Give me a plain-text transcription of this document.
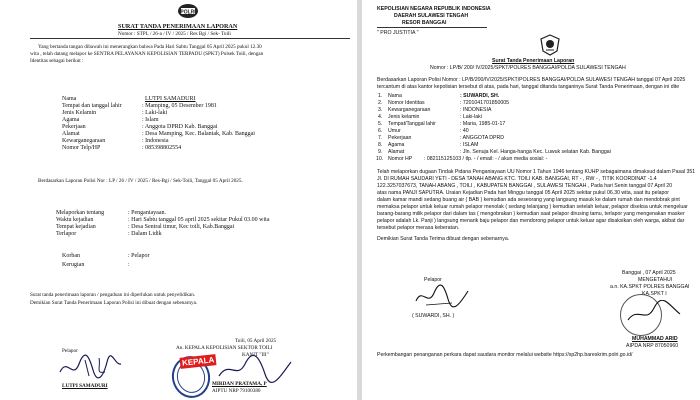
POLRI
SURAT TANDA PENERIMAAN LAPORAN
Nomor : STPL / 26-a / IV / 2025 / Res Bgi / Sek- Toili
Yang bertanda tangan dibawah ini menerangkan bahwa Pada Hari Sabtu Tanggal 05 April 2025 pukul 12.30
wita , telah datang melapor ke SENTRA PELAYANAN KEPOLISIAN TERPADU (SPKT) Polsek Toili, dengan
Identitas sebagai berikut :
Nama	LUTPI SAMADURI
Tempat dan tanggal lahir	: Mamping, 05 Desember 1981
Jenis Kelamin	: Laki-laki
Agama	: Islam
Pekerjaan	: Anggota DPRD Kab. Banggai
Alamat	: Desa Mamping, Kec. Balantak, Kab. Banggai
Kewarganegaraan	: Indonesia
Nomor Telp/HP	: 085398802554
Berdasarkan Laporan Polisi Nor : LP / 26 / IV / 2025 / Res-Bgi / Sek-Toili, Tanggal 05 April 2025.
Melaporkan tentang	: Penganiayaan.
Waktu kejadian	: Hari Sabtu tanggal 05 april 2025 sekitar Pukul 03.00 wita
Tempat kejadian	: Desa Sentral timur, Kec toili, Kab.Banggai
Terlapor	: Dalam Lidik
Korban	: Pelapor
Kerugian	:
Surat tanda penerimaan laporan / pengaduan ini diperlukan untuk penyelidikan.
Demikian Surat Tanda Penerimaan Laporan Polisi ini dibuat dengan sebenarnya.
Toili, 05 April 2025
An. KEPALA KEPOLISIAN SEKTOR TOILI
KANIT "III"
Pelapor
LUTPI SAMADURI
KEPALA
MIRDAN PRATAMA, P
AIPTU NRP 79100380
KEPOLISIAN NEGARA REPUBLIK INDONESIA
DAERAH SULAWESI TENGAH
RESOR BANGGAI
" PRO JUSTITIA "
Surat Tanda Penerimaan Laporan
Nomor : LP/B/ 200/ IV/2025/SPKT/POLRES BANGGAI/POLDA SULAWESI TENGAH
Berdasarkan Laporan Polisi Nomor : LP/B/200/IV/2025/SPKT/POLRES BANGGAI/POLDA SULAWESI TENGAH tanggal 07 April 2025
tercantum di atas kantor kepolisian tersebut di atas, pada hari, tanggal ditanda tanganinya Surat Tanda Penerimaan, dengan ini dite
1. Nama	: SUWARDI, SH.
2. Nomor Identitas	: 7201041701850005
3. Kewarganegaraan	: INDONESIA
4. Jenis kelamin	: Laki-laki
5. Tempat/Tanggal lahir	: Maria, 1985-01-17
6. Umur	: 40
7. Pekerjaan	: ANGGOTA DPRD
8. Agama	: ISLAM
9. Alamat	: Jln. Senuja Kel. Hanga-hanga Kec. Luwuk selatan Kab. Banggai
10. Nomor HP : 082115125103 / tlp. - / email: - / akun media sosial: -
Telah melaporkan dugaan Tindak Pidana Penganiayaan UU Nomor 1 Tahun 1946 tentang KUHP sebagaimana dimaksud dalam Pasal 351
Jl. DI RUMAH SAUDARI YETI - DESA TANAH ABANG KTC. TOILI KAB. BANGGAI, RT - , RW - , TITIK KOORDINAT -1.4
122.3257037673, TANAH ABANG , TOILI , KABUPATEN BANGGAI , SULAWESI TENGAH , Pada hari Senin tanggal 07 April 20
atas nama PANJI SAPUTRA. Uraian Kejadian Pada hari Minggu tanggal 05 April 2025 sekitar pukul 06.30 wita, saat itu pelapor
dalam kamar mandi sedang buang air ( BAB ) kemudian ada seseorang yang langsung masuk ke dalam rumah dan mendobrak pint
memaksa pelapor untuk keluar rumah pelapor menolak ( sedang telanjang ) kemudian setelah keluar, pelapor diseksa untuk mengeluar
barang-barang milik pelapor dari dalam tas ( mengobrakan ) kemudian saat pelapor dirusing tamu, terlapor yang mengenakan masker
pelapor adalah Lk. Panji ) langsung menarik baju pelapor dan mendorong pelapor untuk keluar agar disaksikan oleh warga, akibat dar
tersebut pelapor merasa keberatan.
Demikian Surat Tanda Terima dibuat dengan sebenarnya.
Banggai , 07 April 2025
MENGETAHUI
a.n. KA.SPKT POLRES BANGGAI
KA.SPKT I
Pelapor
( SUWARDI, SH. )
MUHAMMAD ARID
AIPDA NRP 87050960
Perkembangan penanganan perkara dapat saudara monitor melalui website https://sp2hp.bareskrim.polri.go.id/
